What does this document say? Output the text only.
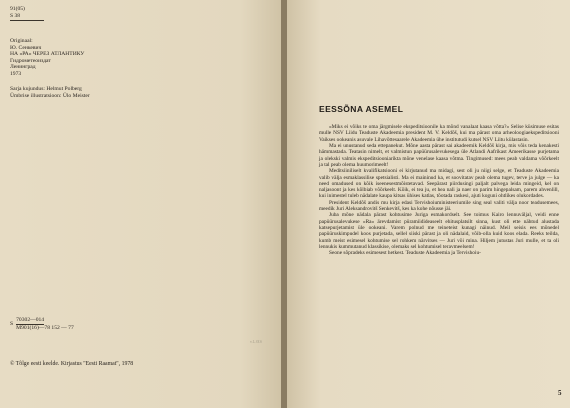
91(05)
S 38
Originaal:
Ю. Сенкевич
НА «РА» ЧЕРЕЗ АТЛАНТИКУ
Гидрометеоиздат
Ленинград
1973
Sarja kujundus: Helmut Polberg
Ümbrise illustratsioon: Ülo Meister
S
70302—014
M901(16)—78 152 — 77
v.L.ŒS
© Tõlge eesti keelde. Kirjastus "Eesti Raamat", 1978
EESSÕNA ASEMEL

«Miks ei võiks te oma järgmisele ekspeditsioonile ka mõnd vanalaat kaasa võtta?» Selise küsimuse esitas mulle NSV Liidu Teaduste Akadeemia president M. V. Keldõš, kui ma pärast oma arheoloogiaekspeditsiooni Vaikses ookeanis asuvale Lihavõttesaarele Akadeemia ühe institutudi kutsel NSV Liitu külastasin.

Ma ei unustanud seda ettepanekut. Mõne aasta pärast sai akadeemik Keldõš kirja, mis võis teda kenakesti hämmastada. Teatasin nimelt, et valmistun papüürusalevukesega üle Atlandi Aafrikast Ameerikasse purjetama ja olekski valmis ekspeditsiooniarikta mõne venelase kaasa võtma. Tingimused: mees peab valdama võõrkeelt ja tal peab olema huumorimeelt!

Meditsiiniliselt kvalifikatsiooni ei kirjutanud ma midagi, sest oli ju niigi selge, et Teaduste Akadeemia valib välja esmaklassilise spetsialisti. Ma ei maininud ka, et soovitatav peab olema tugev, terve ja julge — ka need omadused on kõik iseenesestmõistetavad. Seepärast piirdusingi paljalt palvega leida mingeid, kel on naljasoont ja kes kõlbiab võõrkeelt. Kõik, ei tea ju, et hea nali ja naer on parim hingepalsam, parem ahvenlill, kui inimestel tuleb nädalate kaupa kitsas ühises katlas, tõotada raskesi, ajuti koguni ohtlikes olukordades.

President Keldõš andis mu kirja edasi Tervishoiuministeeriumile sing seal valiti välja noor teadusemees, meedik Juri Aleksandrovitš Senkevitš, kes ka kohe nõusse jäi.

Juba mõne nädala pärast kohtusime Juriga esmakordselt. See toimus Kairo lennuväljal, veidi enne papüürusalevukese «Ra» ärevdamist püramiidideaseelt ehitusplatsilt sinna, kust oli ette nähtud alustada katsepurjetamist üle ookeani. Varem polnud me teineteist kunagi näinud. Meil seisis ees mõnedel papüüruskimpudel koos purjetada, sellel siiski pärast ja oli nädalaid, võib-olla kuid koos elada. Reeks teilda, kumb meist esimesel kohtumise sel rohkem närvitses — Juri või mina. Hiljem jutustas Juri mulle, et ta oli lennukis kummutanud klassikise, olemaks sel kohtumisel teravmeelsem!

Seone sõpradeks esimesest hetkest. Teaduste Akadeemia ja Tervishoiu-

5
